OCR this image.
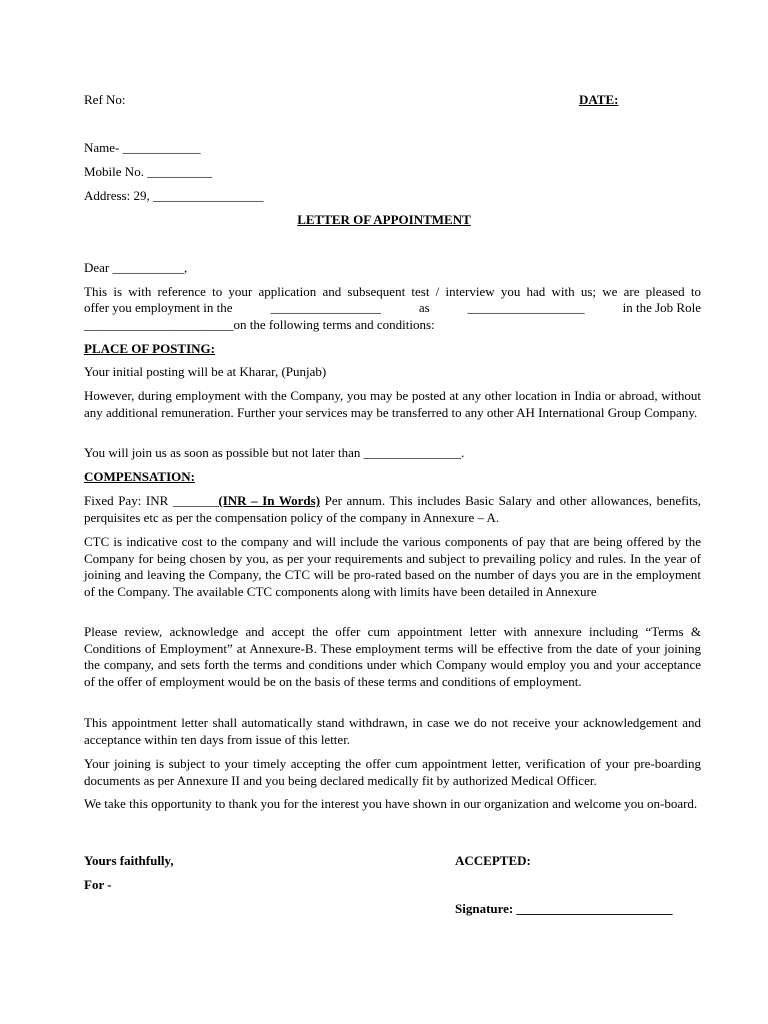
Ref No:	DATE:
Name- ____________
Mobile No. __________
Address: 29, _________________
LETTER OF APPOINTMENT
Dear ___________,
This is with reference to your application and subsequent test / interview you had with us; we are pleased to
offer you employment in the	_________________	as	__________________	in the Job Role
_______________________on the following terms and conditions:
PLACE OF POSTING:
Your initial posting will be at Kharar, (Punjab)
However, during employment with the Company, you may be posted at any other location in India or abroad, without any additional remuneration. Further your services may be transferred to any other AH International Group Company.
You will join us as soon as possible but not later than _______________.
COMPENSATION:
Fixed Pay: INR _______(INR – In Words) Per annum. This includes Basic Salary and other allowances, benefits, perquisites etc as per the compensation policy of the company in Annexure – A.
CTC is indicative cost to the company and will include the various components of pay that are being offered by the Company for being chosen by you, as per your requirements and subject to prevailing policy and rules. In the year of joining and leaving the Company, the CTC will be pro-rated based on the number of days you are in the employment of the Company. The available CTC components along with limits have been detailed in Annexure
Please review, acknowledge and accept the offer cum appointment letter with annexure including “Terms & Conditions of Employment” at Annexure-B. These employment terms will be effective from the date of your joining the company, and sets forth the terms and conditions under which Company would employ you and your acceptance of the offer of employment would be on the basis of these terms and conditions of employment.
This appointment letter shall automatically stand withdrawn, in case we do not receive your acknowledgement and acceptance within ten days from issue of this letter.
Your joining is subject to your timely accepting the offer cum appointment letter, verification of your pre-boarding documents as per Annexure II and you being declared medically fit by authorized Medical Officer.
We take this opportunity to thank you for the interest you have shown in our organization and welcome you on-board.
Yours faithfully,
For -
ACCEPTED:
Signature: ________________________
